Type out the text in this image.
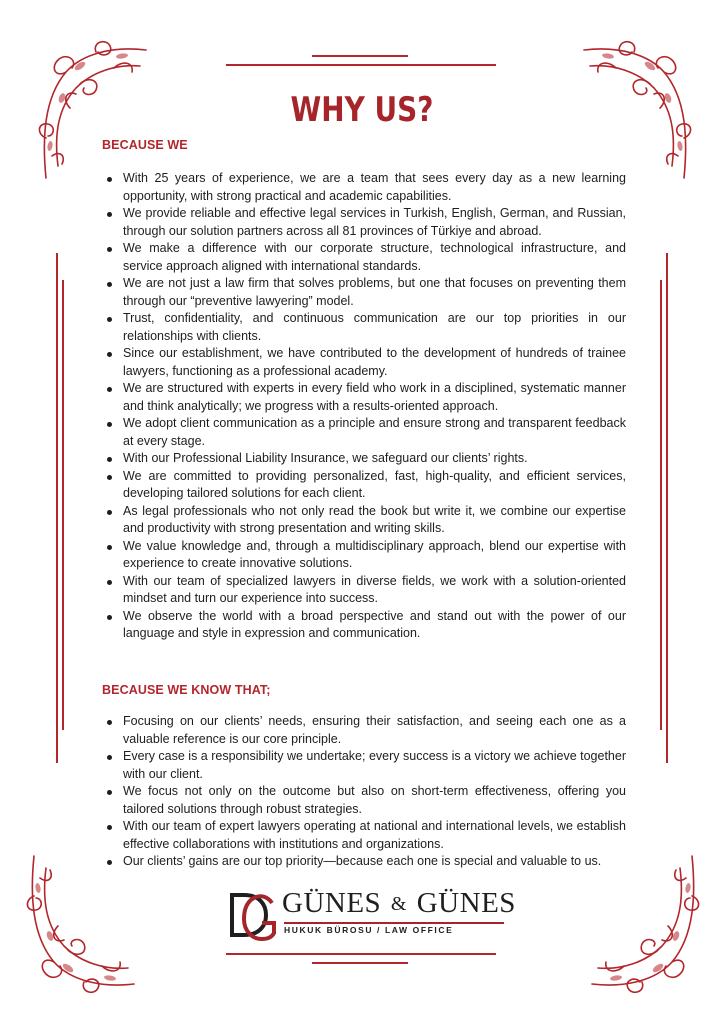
WHY US?
BECAUSE WE
With 25 years of experience, we are a team that sees every day as a new learning opportunity, with strong practical and academic capabilities.
We provide reliable and effective legal services in Turkish, English, German, and Russian, through our solution partners across all 81 provinces of Türkiye and abroad.
We make a difference with our corporate structure, technological infrastructure, and service approach aligned with international standards.
We are not just a law firm that solves problems, but one that focuses on preventing them through our “preventive lawyering” model.
Trust, confidentiality, and continuous communication are our top priorities in our relationships with clients.
Since our establishment, we have contributed to the development of hundreds of trainee lawyers, functioning as a professional academy.
We are structured with experts in every field who work in a disciplined, systematic manner and think analytically; we progress with a results-oriented approach.
We adopt client communication as a principle and ensure strong and transparent feedback at every stage.
With our Professional Liability Insurance, we safeguard our clients’ rights.
We are committed to providing personalized, fast, high-quality, and efficient services, developing tailored solutions for each client.
As legal professionals who not only read the book but write it, we combine our expertise and productivity with strong presentation and writing skills.
We value knowledge and, through a multidisciplinary approach, blend our expertise with experience to create innovative solutions.
With our team of specialized lawyers in diverse fields, we work with a solution-oriented mindset and turn our experience into success.
We observe the world with a broad perspective and stand out with the power of our language and style in expression and communication.
BECAUSE WE KNOW THAT;
Focusing on our clients’ needs, ensuring their satisfaction, and seeing each one as a valuable reference is our core principle.
Every case is a responsibility we undertake; every success is a victory we achieve together with our client.
We focus not only on the outcome but also on short-term effectiveness, offering you tailored solutions through robust strategies.
With our team of expert lawyers operating at national and international levels, we establish effective collaborations with institutions and organizations.
Our clients’ gains are our top priority—because each one is special and valuable to us.
GÜNES & GÜNES
HUKUK BÜROSU / LAW OFFICE
